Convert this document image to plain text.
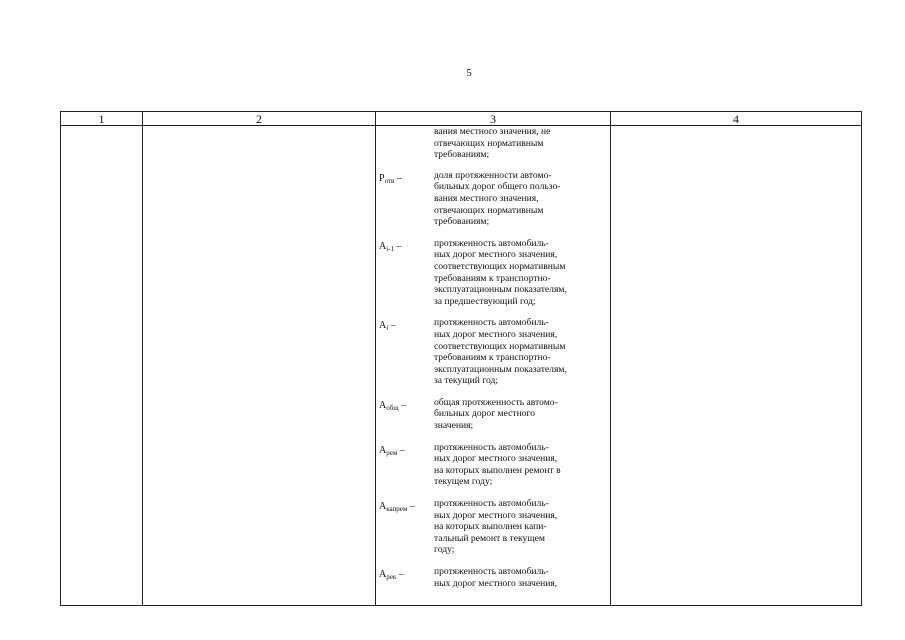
5
1	2	3	4
вания местного значения, не
отвечающих нормативным
требованиям;
$P_{отв}$ –	доля протяженности автомо-
бильных дорог общего пользо-
вания местного значения,
отвечающих нормативным
требованиям;
$A_{i-1}$ –	протяженность автомобиль-
ных дорог местного значения,
соответствующих нормативным
требованиям к транспортно-
эксплуатационным показателям,
за предшествующий год;
$A_i$ –	протяженность автомобиль-
ных дорог местного значения,
соответствующих нормативным
требованиям к транспортно-
эксплуатационным показателям,
за текущий год;
$A_{общ}$ –	общая протяженность автомо-
бильных дорог местного
значения;
$A_{рем}$ –	протяженность автомобиль-
ных дорог местного значения,
на которых выполнен ремонт в
текущем году;
$A_{капрем}$ –	протяженность автомобиль-
ных дорог местного значения,
на которых выполнен капи-
тальный ремонт в текущем
году;
$A_{рек}$ –	протяженность автомобиль-
ных дорог местного значения,
